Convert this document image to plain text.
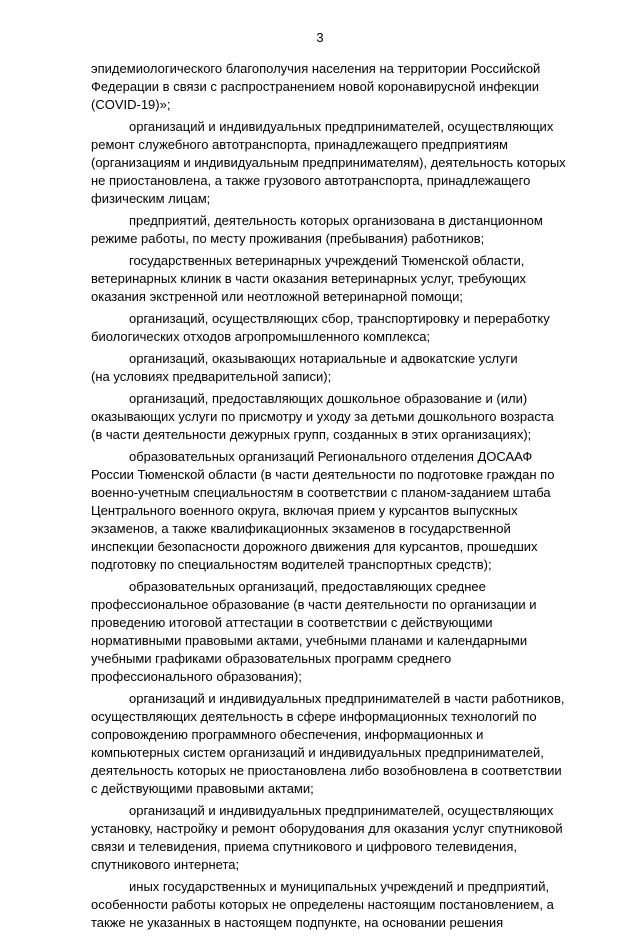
3

эпидемиологического благополучия населения на территории Российской
Федерации в связи с распространением новой коронавирусной инфекции
(COVID-19)»;

организаций и индивидуальных предпринимателей, осуществляющих
ремонт служебного автотранспорта, принадлежащего предприятиям
(организациям и индивидуальным предпринимателям), деятельность которых
не приостановлена, а также грузового автотранспорта, принадлежащего
физическим лицам;

предприятий, деятельность которых организована в дистанционном
режиме работы, по месту проживания (пребывания) работников;

государственных ветеринарных учреждений Тюменской области,
ветеринарных клиник в части оказания ветеринарных услуг, требующих
оказания экстренной или неотложной ветеринарной помощи;

организаций, осуществляющих сбор, транспортировку и переработку
биологических отходов агропромышленного комплекса;

организаций, оказывающих нотариальные и адвокатские услуги
(на условиях предварительной записи);

организаций, предоставляющих дошкольное образование и (или)
оказывающих услуги по присмотру и уходу за детьми дошкольного возраста
(в части деятельности дежурных групп, созданных в этих организациях);

образовательных организаций Регионального отделения ДОСААФ
России Тюменской области (в части деятельности по подготовке граждан по
военно-учетным специальностям в соответствии с планом-заданием штаба
Центрального военного округа, включая прием у курсантов выпускных
экзаменов, а также квалификационных экзаменов в государственной
инспекции безопасности дорожного движения для курсантов, прошедших
подготовку по специальностям водителей транспортных средств);

образовательных организаций, предоставляющих среднее
профессиональное образование (в части деятельности по организации и
проведению итоговой аттестации в соответствии с действующими
нормативными правовыми актами, учебными планами и календарными
учебными графиками образовательных программ среднего
профессионального образования);

организаций и индивидуальных предпринимателей в части работников,
осуществляющих деятельность в сфере информационных технологий по
сопровождению программного обеспечения, информационных и
компьютерных систем организаций и индивидуальных предпринимателей,
деятельность которых не приостановлена либо возобновлена в соответствии
с действующими правовыми актами;

организаций и индивидуальных предпринимателей, осуществляющих
установку, настройку и ремонт оборудования для оказания услуг спутниковой
связи и телевидения, приема спутникового и цифрового телевидения,
спутникового интернета;

иных государственных и муниципальных учреждений и предприятий,
особенности работы которых не определены настоящим постановлением, а
также не указанных в настоящем подпункте, на основании решения
